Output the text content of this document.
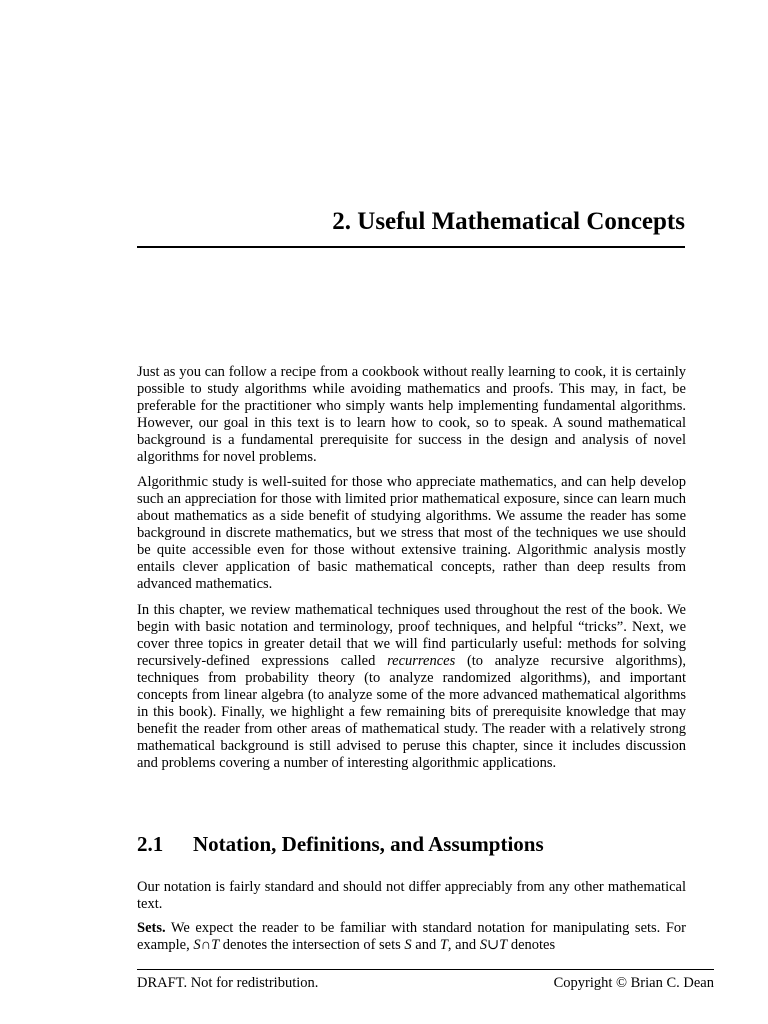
2. Useful Mathematical Concepts

Just as you can follow a recipe from a cookbook without really learning to cook, it is certainly possible to study algorithms while avoiding mathematics and proofs. This may, in fact, be preferable for the practitioner who simply wants help implementing fundamental algorithms. However, our goal in this text is to learn how to cook, so to speak. A sound mathematical background is a fundamental prerequisite for success in the design and analysis of novel algorithms for novel problems.

Algorithmic study is well-suited for those who appreciate mathematics, and can help develop such an appreciation for those with limited prior mathematical exposure, since can learn much about mathematics as a side benefit of studying algorithms. We assume the reader has some background in discrete mathematics, but we stress that most of the techniques we use should be quite accessible even for those without extensive training. Algorithmic analysis mostly entails clever application of basic mathematical concepts, rather than deep results from advanced mathematics.

In this chapter, we review mathematical techniques used throughout the rest of the book. We begin with basic notation and terminology, proof techniques, and helpful “tricks”. Next, we cover three topics in greater detail that we will find particularly useful: methods for solving recursively-defined expressions called recurrences (to analyze recursive algorithms), techniques from probability theory (to analyze randomized algorithms), and important concepts from linear algebra (to analyze some of the more advanced mathematical algorithms in this book). Finally, we highlight a few remaining bits of prerequisite knowledge that may benefit the reader from other areas of mathematical study. The reader with a relatively strong mathematical background is still advised to peruse this chapter, since it includes discussion and problems covering a number of interesting algorithmic applications.

2.1 Notation, Definitions, and Assumptions

Our notation is fairly standard and should not differ appreciably from any other mathematical text.

Sets. We expect the reader to be familiar with standard notation for manipulating sets. For example, S∩T denotes the intersection of sets S and T, and S∪T denotes

DRAFT. Not for redistribution.	Copyright © Brian C. Dean
